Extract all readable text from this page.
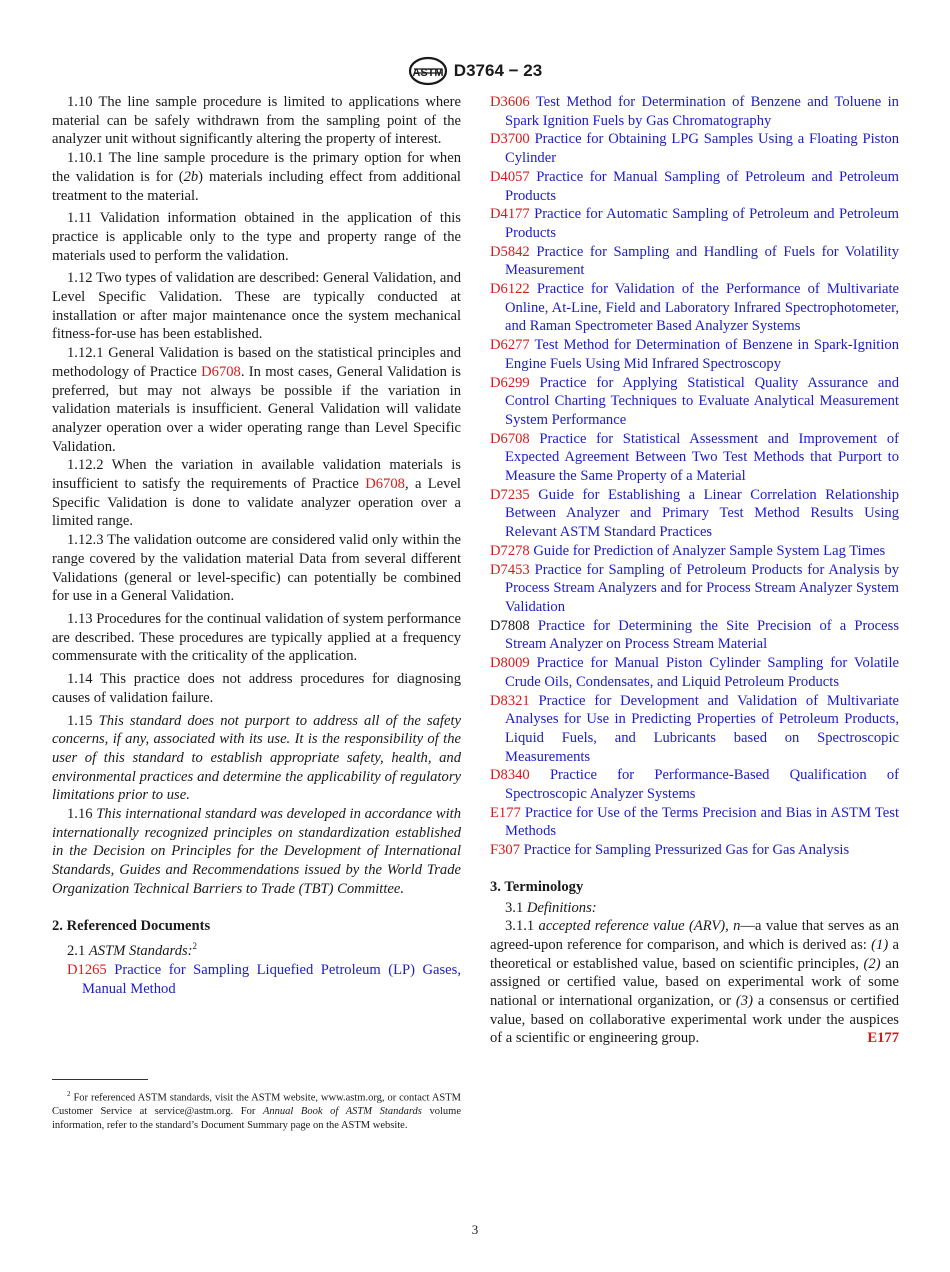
ASTM D3764 − 23

1.10 The line sample procedure is limited to applications where material can be safely withdrawn from the sampling point of the analyzer unit without significantly altering the property of interest.

1.10.1 The line sample procedure is the primary option for when the validation is for (2b) materials including effect from additional treatment to the material.

1.11 Validation information obtained in the application of this practice is applicable only to the type and property range of the materials used to perform the validation.

1.12 Two types of validation are described: General Validation, and Level Specific Validation. These are typically conducted at installation or after major maintenance once the system mechanical fitness-for-use has been established.

1.12.1 General Validation is based on the statistical principles and methodology of Practice D6708. In most cases, General Validation is preferred, but may not always be possible if the variation in validation materials is insufficient. General Validation will validate analyzer operation over a wider operating range than Level Specific Validation.

1.12.2 When the variation in available validation materials is insufficient to satisfy the requirements of Practice D6708, a Level Specific Validation is done to validate analyzer operation over a limited range.

1.12.3 The validation outcome are considered valid only within the range covered by the validation material Data from several different Validations (general or level-specific) can potentially be combined for use in a General Validation.

1.13 Procedures for the continual validation of system performance are described. These procedures are typically applied at a frequency commensurate with the criticality of the application.

1.14 This practice does not address procedures for diagnosing causes of validation failure.

1.15 This standard does not purport to address all of the safety concerns, if any, associated with its use. It is the responsibility of the user of this standard to establish appropriate safety, health, and environmental practices and determine the applicability of regulatory limitations prior to use.

1.16 This international standard was developed in accordance with internationally recognized principles on standardization established in the Decision on Principles for the Development of International Standards, Guides and Recommendations issued by the World Trade Organization Technical Barriers to Trade (TBT) Committee.

2. Referenced Documents

2.1 ASTM Standards:$^2$

D1265 Practice for Sampling Liquefied Petroleum (LP) Gases, Manual Method

$^2$ For referenced ASTM standards, visit the ASTM website, www.astm.org, or contact ASTM Customer Service at service@astm.org. For Annual Book of ASTM Standards volume information, refer to the standard’s Document Summary page on the ASTM website.

D3606 Test Method for Determination of Benzene and Toluene in Spark Ignition Fuels by Gas Chromatography

D3700 Practice for Obtaining LPG Samples Using a Floating Piston Cylinder

D4057 Practice for Manual Sampling of Petroleum and Petroleum Products

D4177 Practice for Automatic Sampling of Petroleum and Petroleum Products

D5842 Practice for Sampling and Handling of Fuels for Volatility Measurement

D6122 Practice for Validation of the Performance of Multivariate Online, At-Line, Field and Laboratory Infrared Spectrophotometer, and Raman Spectrometer Based Analyzer Systems

D6277 Test Method for Determination of Benzene in Spark-Ignition Engine Fuels Using Mid Infrared Spectroscopy

D6299 Practice for Applying Statistical Quality Assurance and Control Charting Techniques to Evaluate Analytical Measurement System Performance

D6708 Practice for Statistical Assessment and Improvement of Expected Agreement Between Two Test Methods that Purport to Measure the Same Property of a Material

D7235 Guide for Establishing a Linear Correlation Relationship Between Analyzer and Primary Test Method Results Using Relevant ASTM Standard Practices

D7278 Guide for Prediction of Analyzer Sample System Lag Times

D7453 Practice for Sampling of Petroleum Products for Analysis by Process Stream Analyzers and for Process Stream Analyzer System Validation

D7808 Practice for Determining the Site Precision of a Process Stream Analyzer on Process Stream Material

D8009 Practice for Manual Piston Cylinder Sampling for Volatile Crude Oils, Condensates, and Liquid Petroleum Products

D8321 Practice for Development and Validation of Multivariate Analyses for Use in Predicting Properties of Petroleum Products, Liquid Fuels, and Lubricants based on Spectroscopic Measurements

D8340 Practice for Performance-Based Qualification of Spectroscopic Analyzer Systems

E177 Practice for Use of the Terms Precision and Bias in ASTM Test Methods

F307 Practice for Sampling Pressurized Gas for Gas Analysis

3. Terminology

3.1 Definitions:

3.1.1 accepted reference value (ARV), n—a value that serves as an agreed-upon reference for comparison, and which is derived as: (1) a theoretical or established value, based on scientific principles, (2) an assigned or certified value, based on experimental work of some national or international organization, or (3) a consensus or certified value, based on collaborative experimental work under the auspices of a scientific or engineering group.	E177

3
